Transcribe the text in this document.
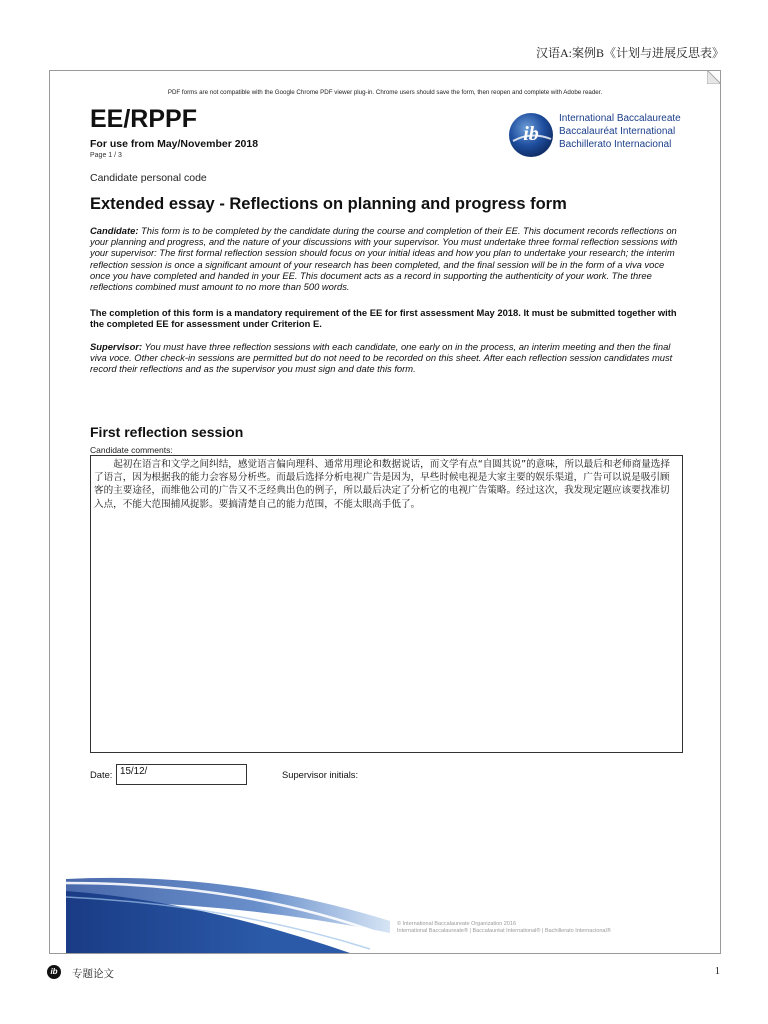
汉语A:案例B《计划与进展反思表》
PDF forms are not compatible with the Google Chrome PDF viewer plug-in. Chrome users should save the form, then reopen and complete with Adobe reader.
EE/RPPF
For use from May/November 2018
Page 1 / 3
Candidate personal code
ib
International Baccalaureate
Baccalauréat International
Bachillerato Internacional
Extended essay - Reflections on planning and progress form
Candidate: This form is to be completed by the candidate during the course and completion of their EE. This document records reflections on your planning and progress, and the nature of your discussions with your supervisor. You must undertake three formal reflection sessions with your supervisor: The first formal reflection session should focus on your initial ideas and how you plan to undertake your research; the interim reflection session is once a significant amount of your research has been completed, and the final session will be in the form of a viva voce once you have completed and handed in your EE. This document acts as a record in supporting the authenticity of your work. The three reflections combined must amount to no more than 500 words.
The completion of this form is a mandatory requirement of the EE for first assessment May 2018. It must be submitted together with the completed EE for assessment under Criterion E.
Supervisor: You must have three reflection sessions with each candidate, one early on in the process, an interim meeting and then the final viva voce. Other check-in sessions are permitted but do not need to be recorded on this sheet. After each reflection session candidates must record their reflections and as the supervisor you must sign and date this form.
First reflection session
Candidate comments:
起初在语言和文学之间纠结，感觉语言偏向理科、通常用理论和数据说话，而文学有点“自圆其说”的意味，所以最后和老师商量选择了语言，因为根据我的能力会容易分析些。而最后选择分析电视广告是因为，早些时候电视是大家主要的娱乐渠道，广告可以说是吸引顾客的主要途径，而维他公司的广告又不乏经典出色的例子，所以最后决定了分析它的电视广告策略。经过这次，我发现定题应该要找准切入点，不能大范围捕风捉影。要搞清楚自己的能力范围，不能太眼高手低了。
Date: 15/12/	Supervisor initials:
© International Baccalaureate Organization 2016
International Baccalaureate® | Baccalauréat International® | Bachillerato Internacional®
ib	专题论文	1
